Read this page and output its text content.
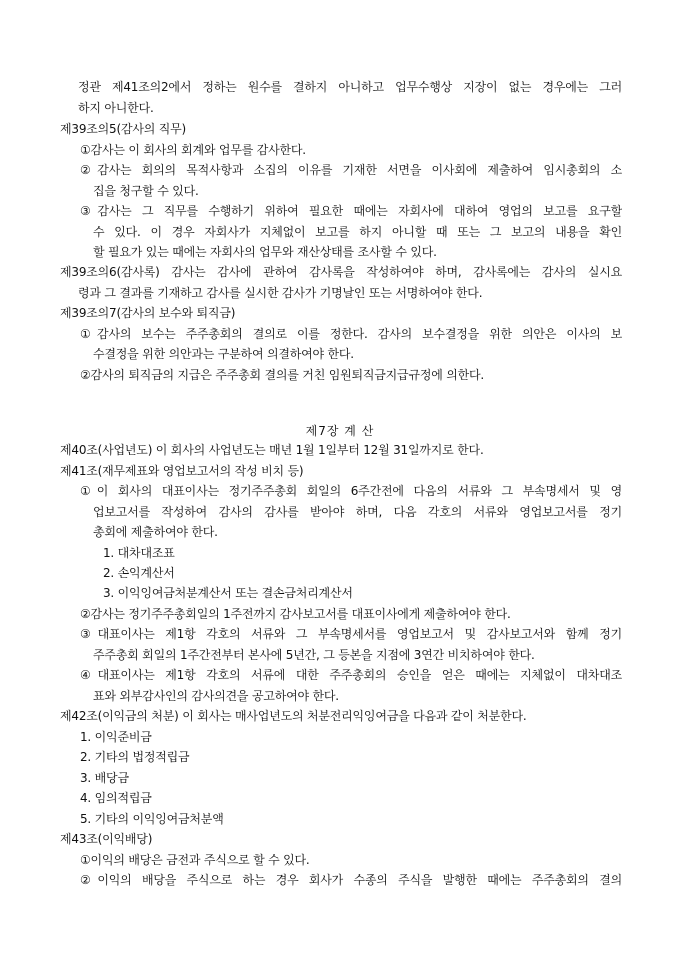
정관 제41조의2에서 정하는 원수를 결하지 아니하고 업무수행상 지장이 없는 경우에는 그러
하지 아니한다.
제39조의5(감사의 직무)
①감사는 이 회사의 회계와 업무를 감사한다.
②감사는 회의의 목적사항과 소집의 이유를 기재한 서면을 이사회에 제출하여 임시총회의 소
집을 청구할 수 있다.
③감사는 그 직무를 수행하기 위하여 필요한 때에는 자회사에 대하여 영업의 보고를 요구할
수 있다. 이 경우 자회사가 지체없이 보고를 하지 아니할 때 또는 그 보고의 내용을 확인
할 필요가 있는 때에는 자회사의 업무와 재산상태를 조사할 수 있다.
제39조의6(감사록) 감사는 감사에 관하여 감사록을 작성하여야 하며, 감사록에는 감사의 실시요
령과 그 결과를 기재하고 감사를 실시한 감사가 기명날인 또는 서명하여야 한다.
제39조의7(감사의 보수와 퇴직금)
①감사의 보수는 주주총회의 결의로 이를 정한다. 감사의 보수결정을 위한 의안은 이사의 보
수결정을 위한 의안과는 구분하여 의결하여야 한다.
②감사의 퇴직금의 지급은 주주총회 결의를 거친 임원퇴직금지급규정에 의한다.
제7장 계 산
제40조(사업년도) 이 회사의 사업년도는 매년 1월 1일부터 12월 31일까지로 한다.
제41조(재무제표와 영업보고서의 작성 비치 등)
①이 회사의 대표이사는 정기주주총회 회일의 6주간전에 다음의 서류와 그 부속명세서 및 영
업보고서를 작성하여 감사의 감사를 받아야 하며, 다음 각호의 서류와 영업보고서를 정기
총회에 제출하여야 한다.
1. 대차대조표
2. 손익계산서
3. 이익잉여금처분계산서 또는 결손금처리계산서
②감사는 정기주주총회일의 1주전까지 감사보고서를 대표이사에게 제출하여야 한다.
③대표이사는 제1항 각호의 서류와 그 부속명세서를 영업보고서 및 감사보고서와 함께 정기
주주총회 회일의 1주간전부터 본사에 5년간, 그 등본을 지점에 3연간 비치하여야 한다.
④대표이사는 제1항 각호의 서류에 대한 주주총회의 승인을 얻은 때에는 지체없이 대차대조
표와 외부감사인의 감사의견을 공고하여야 한다.
제42조(이익금의 처분) 이 회사는 매사업년도의 처분전리익잉여금을 다음과 같이 처분한다.
1. 이익준비금
2. 기타의 법정적립금
3. 배당금
4. 임의적립금
5. 기타의 이익잉여금처분액
제43조(이익배당)
①이익의 배당은 금전과 주식으로 할 수 있다.
②이익의 배당을 주식으로 하는 경우 회사가 수종의 주식을 발행한 때에는 주주총회의 결의
